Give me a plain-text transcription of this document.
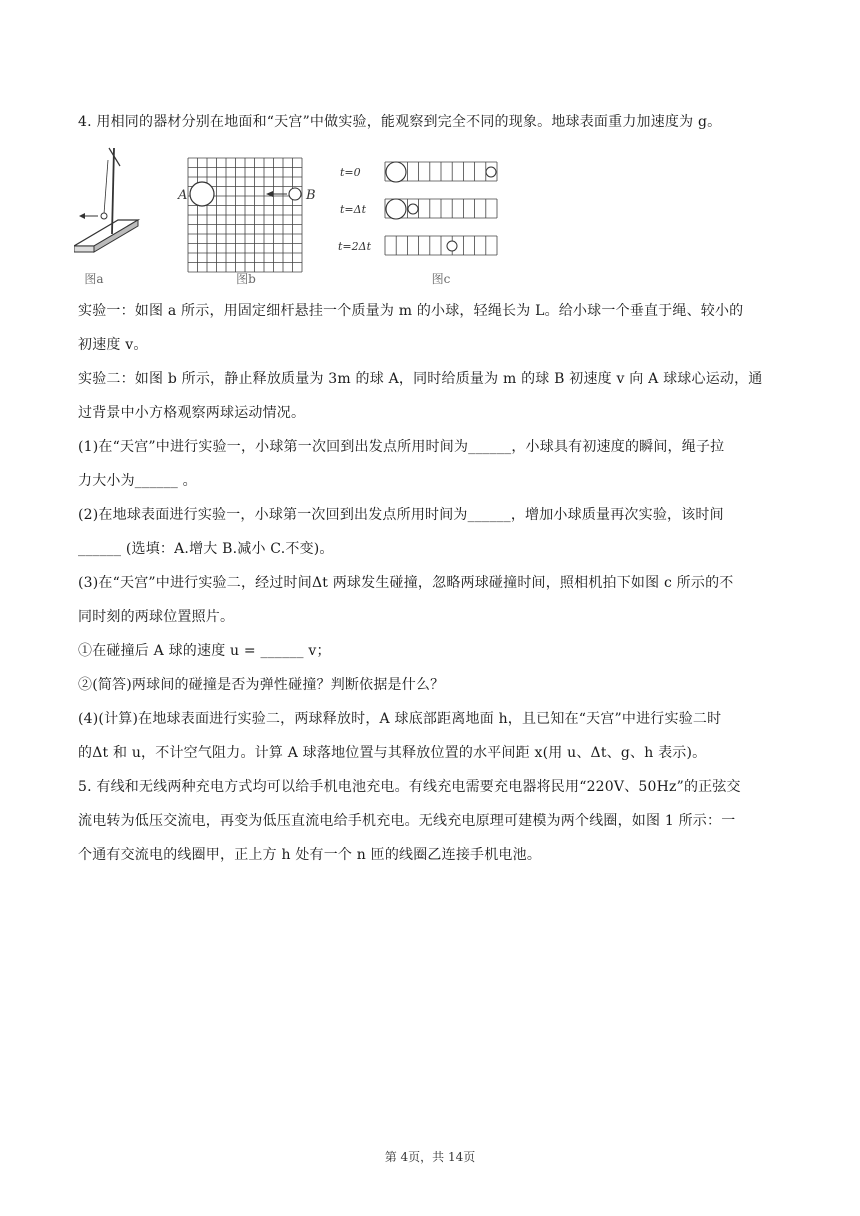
4. 用相同的器材分别在地面和“天宫”中做实验，能观察到完全不同的现象。地球表面重力加速度为 g。
图a
A	B
图b
t=0
t=Δt
t=2Δt
图c
实验一：如图 a 所示，用固定细杆悬挂一个质量为 m 的小球，轻绳长为 L。给小球一个垂直于绳、较小的
初速度 v。
实验二：如图 b 所示，静止释放质量为 3m 的球 A，同时给质量为 m 的球 B 初速度 v 向 A 球球心运动，通
过背景中小方格观察两球运动情况。
(1)在“天宫”中进行实验一，小球第一次回到出发点所用时间为______，小球具有初速度的瞬间，绳子拉
力大小为______ 。
(2)在地球表面进行实验一，小球第一次回到出发点所用时间为______，增加小球质量再次实验，该时间
______ (选填：A.增大 B.减小 C.不变)。
(3)在“天宫”中进行实验二，经过时间Δt 两球发生碰撞，忽略两球碰撞时间，照相机拍下如图 c 所示的不
同时刻的两球位置照片。
①在碰撞后 A 球的速度 u = ______ v；
②(简答)两球间的碰撞是否为弹性碰撞？判断依据是什么？
(4)(计算)在地球表面进行实验二，两球释放时，A 球底部距离地面 h，且已知在“天宫”中进行实验二时
的Δt 和 u，不计空气阻力。计算 A 球落地位置与其释放位置的水平间距 x(用 u、Δt、g、h 表示)。
5. 有线和无线两种充电方式均可以给手机电池充电。有线充电需要充电器将民用“220V、50Hz”的正弦交
流电转为低压交流电，再变为低压直流电给手机充电。无线充电原理可建模为两个线圈，如图 1 所示：一
个通有交流电的线圈甲，正上方 h 处有一个 n 匝的线圈乙连接手机电池。
第 4页，共 14页
